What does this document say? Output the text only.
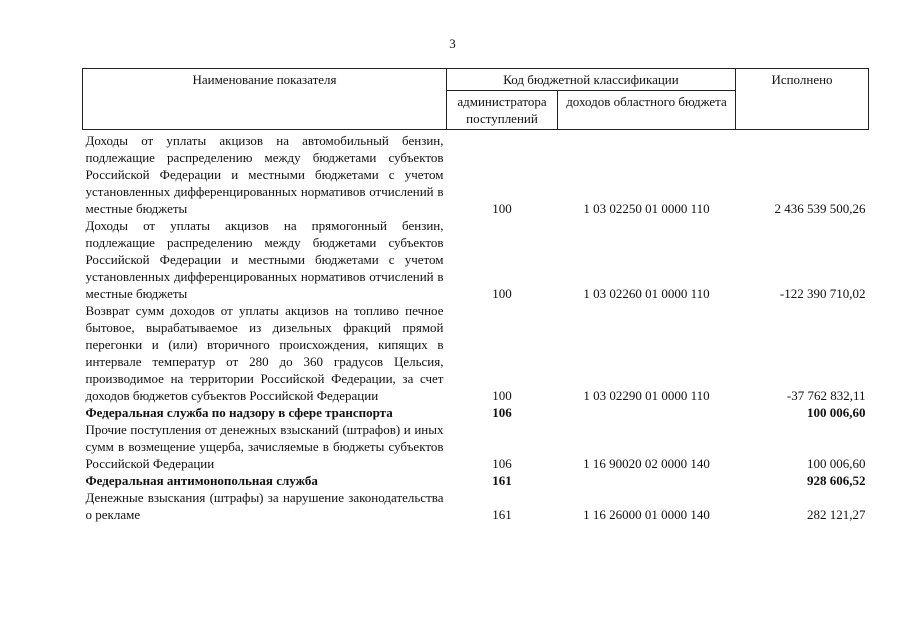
3
Наименование показателя	Код бюджетной классификации		Исполнено
	администратора поступлений	доходов областного бюджета	
Доходы от уплаты акцизов на автомобильный бензин, подлежащие распределению между бюджетами субъектов Российской Федерации и местными бюджетами с учетом установленных дифференцированных нормативов отчислений в местные бюджеты	100	1 03 02250 01 0000 110	2 436 539 500,26
Доходы от уплаты акцизов на прямогонный бензин, подлежащие распределению между бюджетами субъектов Российской Федерации и местными бюджетами с учетом установленных дифференцированных нормативов отчислений в местные бюджеты	100	1 03 02260 01 0000 110	-122 390 710,02
Возврат сумм доходов от уплаты акцизов на топливо печное бытовое, вырабатываемое из дизельных фракций прямой перегонки и (или) вторичного происхождения, кипящих в интервале температур от 280 до 360 градусов Цельсия, производимое на территории Российской Федерации, за счет доходов бюджетов субъектов Российской Федерации	100	1 03 02290 01 0000 110	-37 762 832,11
Федеральная служба по надзору в сфере транспорта	106		100 006,60
Прочие поступления от денежных взысканий (штрафов) и иных сумм в возмещение ущерба, зачисляемые в бюджеты субъектов Российской Федерации	106	1 16 90020 02 0000 140	100 006,60
Федеральная антимонопольная служба	161		928 606,52
Денежные взыскания (штрафы) за нарушение законодательства о рекламе	161	1 16 26000 01 0000 140	282 121,27
